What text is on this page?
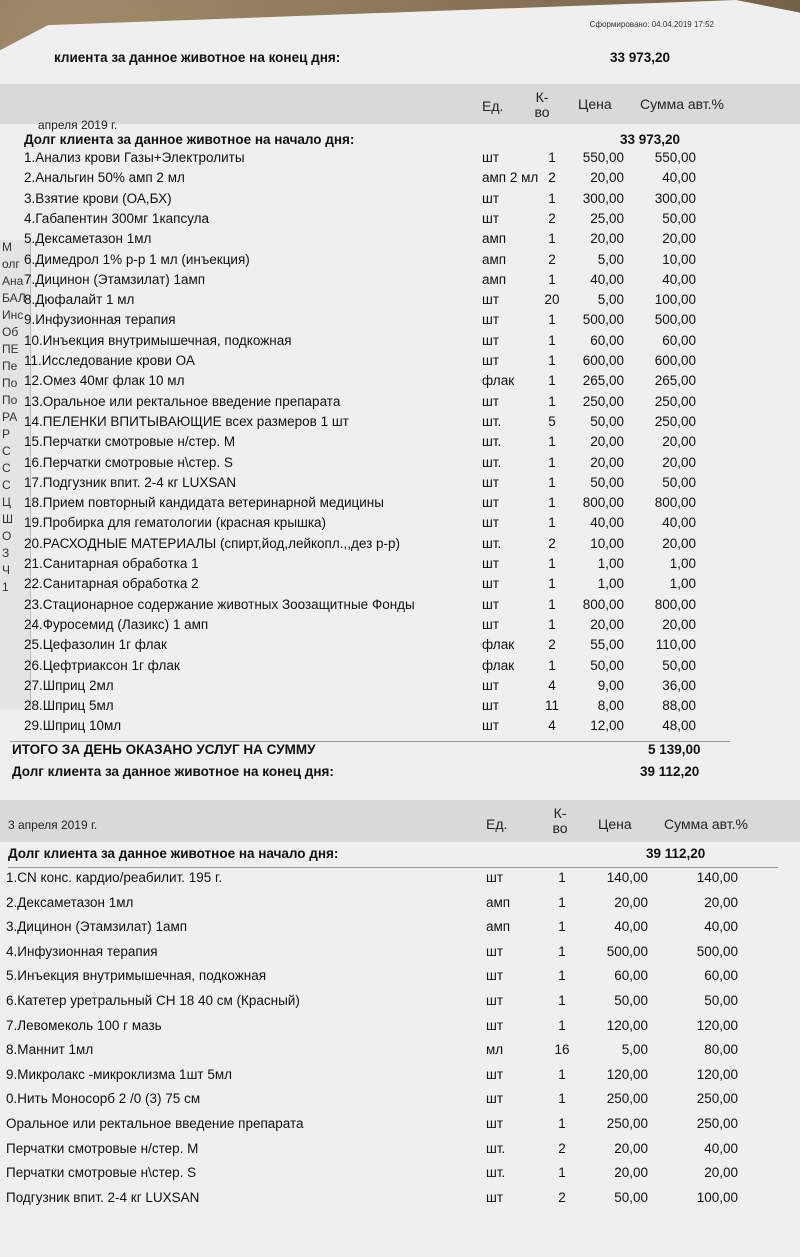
М
олг
Ана
БАЛ
Инс
Об
ПЕ
Пе
По
По
РА
Р
С
С
С
Ц
Ш
О
З
Ч
1
Сформировано: 04.04.2019 17:52
клиента за данное животное на конец дня:	33 973,20
апреля 2019 г.
Ед.
К-во	Цена Сумма авт.%
Долг клиента за данное животное на начало дня:	33 973,20
1.Анализ крови Газы+Электролиты	шт	1	550,00	550,00
2.Анальгин 50% амп 2 мл	амп 2 мл 2	20,00	40,00
3.Взятие крови (ОА,БХ)	шт	1	300,00	300,00
4.Габапентин 300мг 1капсула	шт	2	25,00	50,00
5.Дексаметазон 1мл	амп	1	20,00	20,00
6.Димедрол 1% р-р 1 мл (инъекция)	амп	2	5,00	10,00
7.Дицинон (Этамзилат) 1амп	амп	1	40,00	40,00
8.Дюфалайт 1 мл	шт	20	5,00	100,00
9.Инфузионная терапия	шт	1	500,00	500,00
10.Инъекция внутримышечная, подкожная	шт	1	60,00	60,00
11.Исследование крови ОА	шт	1	600,00	600,00
12.Омез 40мг флак 10 мл	флак	1	265,00	265,00
13.Оральное или ректальное введение препарата	шт	1	250,00	250,00
14.ПЕЛЕНКИ ВПИТЫВАЮЩИЕ всех размеров 1 шт	шт.	5	50,00	250,00
15.Перчатки смотровые н/стер. M	шт.	1	20,00	20,00
16.Перчатки смотровые н\стер. S	шт.	1	20,00	20,00
17.Подгузник впит. 2-4 кг LUXSAN	шт	1	50,00	50,00
18.Прием повторный кандидата ветеринарной медицины	шт	1	800,00	800,00
19.Пробирка для гематологии (красная крышка)	шт	1	40,00	40,00
20.РАСХОДНЫЕ МАТЕРИАЛЫ (спирт,йод,лейкопл.,,дез р-р)	шт.	2	10,00	20,00
21.Санитарная обработка 1	шт	1	1,00	1,00
22.Санитарная обработка 2	шт	1	1,00	1,00
23.Стационарное содержание животных Зоозащитные Фонды	шт	1	800,00	800,00
24.Фуросемид (Лазикс) 1 амп	шт	1	20,00	20,00
25.Цефазолин 1г флак	флак	2	55,00	110,00
26.Цефтриаксон 1г флак	флак	1	50,00	50,00
27.Шприц 2мл	шт	4	9,00	36,00
28.Шприц 5мл	шт	11	8,00	88,00
29.Шприц 10мл	шт	4	12,00	48,00
ИТОГО ЗА ДЕНЬ ОКАЗАНО УСЛУГ НА СУММУ	5 139,00
Долг клиента за данное животное на конец дня:	39 112,20
3 апреля 2019 г.	Ед.
К-во	Цена Сумма авт.%
Долг клиента за данное животное на начало дня:	39 112,20
1.CN конс. кардио/реабилит. 195 г.	шт	1	140,00	140,00
2.Дексаметазон 1мл	амп	1	20,00	20,00
3.Дицинон (Этамзилат) 1амп	амп	1	40,00	40,00
4.Инфузионная терапия	шт	1	500,00	500,00
5.Инъекция внутримышечная, подкожная	шт	1	60,00	60,00
6.Катетер уретральный CH 18 40 см (Красный)	шт	1	50,00	50,00
7.Левомеколь 100 г мазь	шт	1	120,00	120,00
8.Маннит 1мл	мл	16	5,00	80,00
9.Микролакс -микроклизма 1шт 5мл	шт	1	120,00	120,00
0.Нить Моносорб 2 /0 (3) 75 см	шт	1	250,00	250,00
Оральное или ректальное введение препарата	шт	1	250,00	250,00
Перчатки смотровые н/стер. M	шт.	2	20,00	40,00
Перчатки смотровые н\стер. S	шт.	1	20,00	20,00
Подгузник впит. 2-4 кг LUXSAN	шт	2	50,00	100,00
